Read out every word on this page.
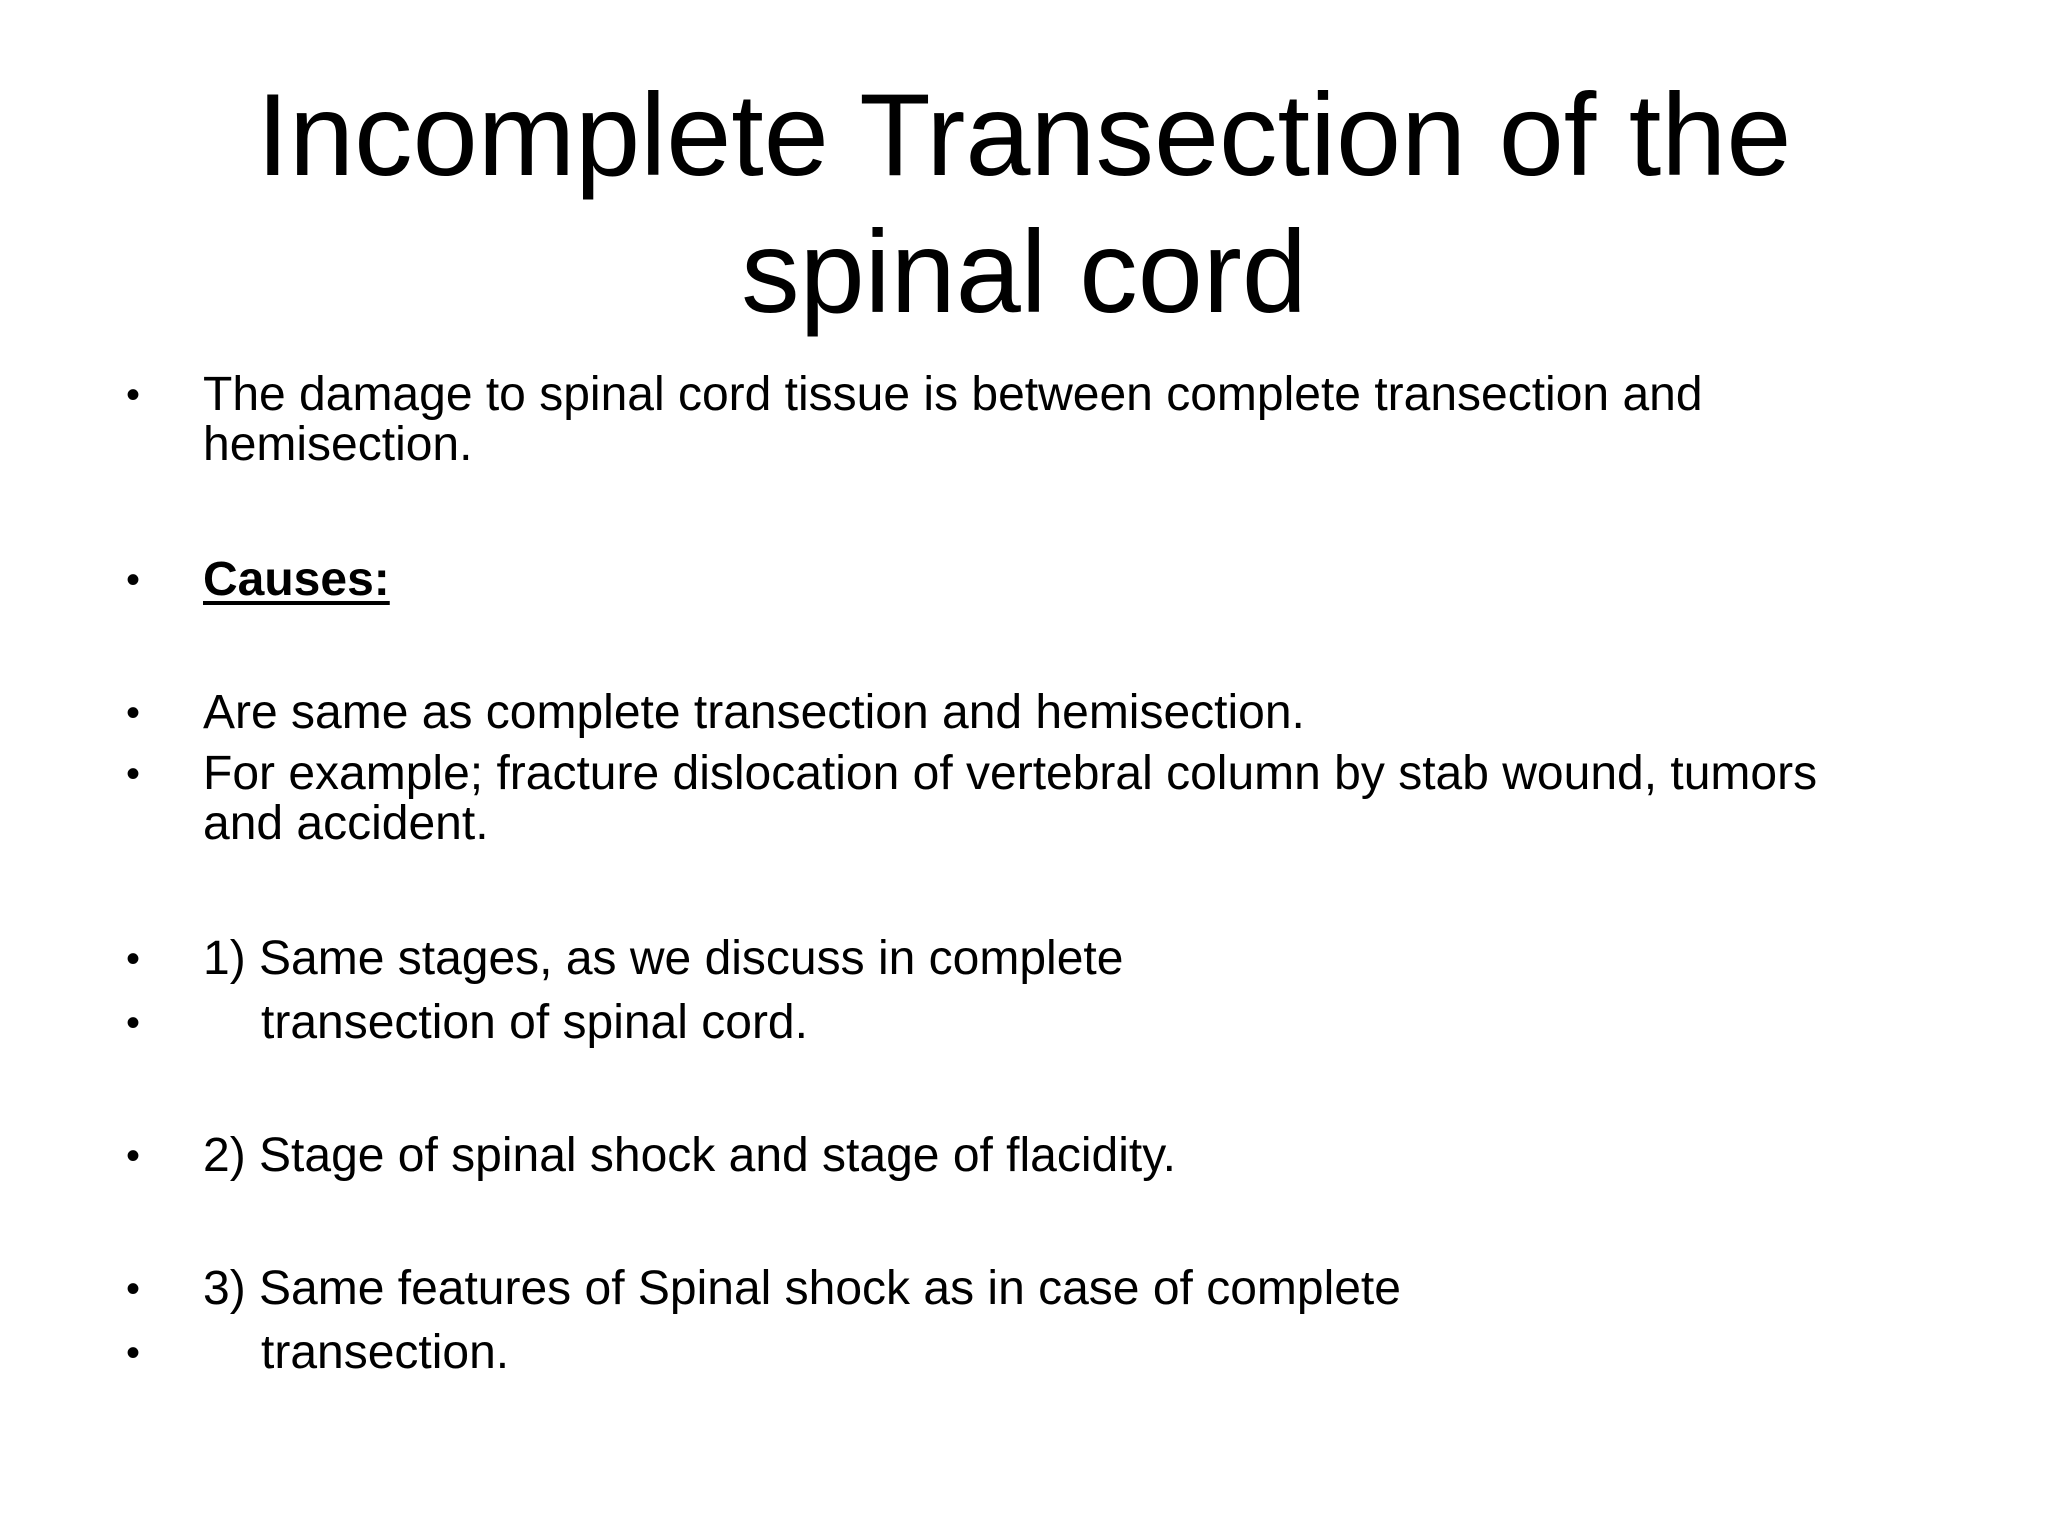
Incomplete Transection of the
spinal cord
• The damage to spinal cord tissue is between complete transection and
hemisection.
• Causes:
• Are same as complete transection and hemisection.
• For example; fracture dislocation of vertebral column by stab wound, tumors
and accident.
• 1) Same stages, as we discuss in complete
•	transection of spinal cord.
• 2) Stage of spinal shock and stage of flacidity.
• 3) Same features of Spinal shock as in case of complete
•	transection.
